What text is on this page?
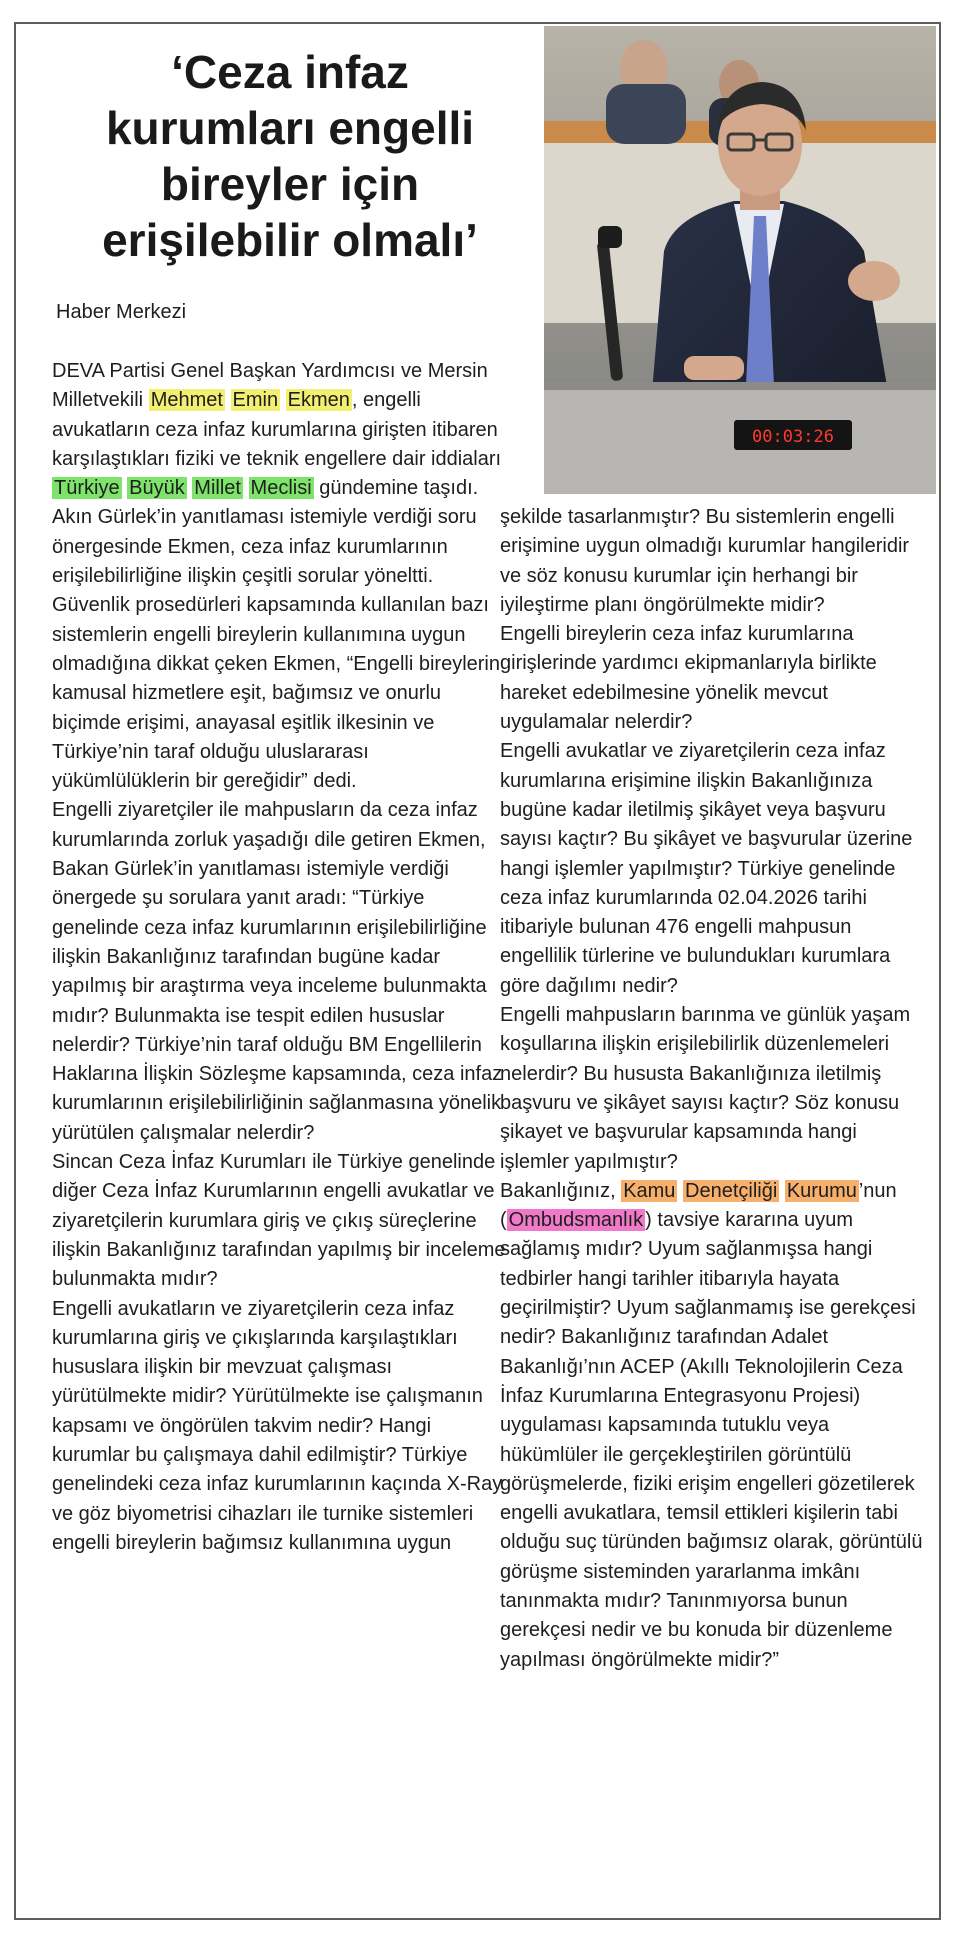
‘Ceza infaz kurumları engelli bireyler için erişilebilir olmalı’
Haber Merkezi
00:03:26

DEVA Partisi Genel Başkan Yardımcısı ve Mersin Milletvekili Mehmet Emin Ekmen , engelli avukatların ceza infaz kurumlarına girişten itibaren karşılaştıkları fiziki ve teknik engellere dair iddiaları Türkiye Büyük Millet Meclisi gündemine taşıdı. Akın Gürlek’in yanıtlaması istemiyle verdiği soru önergesinde Ekmen, ceza infaz kurumlarının erişilebilirliğine ilişkin çeşitli sorular yöneltti. Güvenlik prosedürleri kapsamında kullanılan bazı sistemlerin engelli bireylerin kullanımına uygun olmadığına dikkat çeken Ekmen, “Engelli bireylerin kamusal hizmetlere eşit, bağımsız ve onurlu biçimde erişimi, anayasal eşitlik ilkesinin ve Türkiye’nin taraf olduğu uluslararası yükümlülüklerin bir gereğidir” dedi.

Engelli ziyaretçiler ile mahpusların da ceza infaz kurumlarında zorluk yaşadığı dile getiren Ekmen, Bakan Gürlek’in yanıtlaması istemiyle verdiği önergede şu sorulara yanıt aradı: “Türkiye genelinde ceza infaz kurumlarının erişilebilirliğine ilişkin Bakanlığınız tarafından bugüne kadar yapılmış bir araştırma veya inceleme bulunmakta mıdır? Bulunmakta ise tespit edilen hususlar nelerdir? Türkiye’nin taraf olduğu BM Engellilerin Haklarına İlişkin Sözleşme kapsamında, ceza infaz kurumlarının erişilebilirliğinin sağlanmasına yönelik yürütülen çalışmalar nelerdir?

Sincan Ceza İnfaz Kurumları ile Türkiye genelinde diğer Ceza İnfaz Kurumlarının engelli avukatlar ve ziyaretçilerin kurumlara giriş ve çıkış süreçlerine ilişkin Bakanlığınız tarafından yapılmış bir inceleme bulunmakta mıdır?

Engelli avukatların ve ziyaretçilerin ceza infaz kurumlarına giriş ve çıkışlarında karşılaştıkları hususlara ilişkin bir mevzuat çalışması yürütülmekte midir? Yürütülmekte ise çalışmanın kapsamı ve öngörülen takvim nedir? Hangi kurumlar bu çalışmaya dahil edilmiştir? Türkiye genelindeki ceza infaz kurumlarının kaçında X-Ray ve göz biyometrisi cihazları ile turnike sistemleri engelli bireylerin bağımsız kullanımına uygun

şekilde tasarlanmıştır? Bu sistemlerin engelli erişimine uygun olmadığı kurumlar hangileridir ve söz konusu kurumlar için herhangi bir iyileştirme planı öngörülmekte midir?

Engelli bireylerin ceza infaz kurumlarına girişlerinde yardımcı ekipmanlarıyla birlikte hareket edebilmesine yönelik mevcut uygulamalar nelerdir?

Engelli avukatlar ve ziyaretçilerin ceza infaz kurumlarına erişimine ilişkin Bakanlığınıza bugüne kadar iletilmiş şikâyet veya başvuru sayısı kaçtır? Bu şikâyet ve başvurular üzerine hangi işlemler yapılmıştır? Türkiye genelinde ceza infaz kurumlarında 02.04.2026 tarihi itibariyle bulunan 476 engelli mahpusun engellilik türlerine ve bulundukları kurumlara göre dağılımı nedir?

Engelli mahpusların barınma ve günlük yaşam koşullarına ilişkin erişilebilirlik düzenlemeleri nelerdir? Bu hususta Bakanlığınıza iletilmiş başvuru ve şikâyet sayısı kaçtır? Söz konusu şikayet ve başvurular kapsamında hangi işlemler yapılmıştır?

Bakanlığınız, Kamu Denetçiliği Kurumu ’nun ( Ombudsmanlık ) tavsiye kararına uyum sağlamış mıdır? Uyum sağlanmışsa hangi tedbirler hangi tarihler itibarıyla hayata geçirilmiştir? Uyum sağlanmamış ise gerekçesi nedir? Bakanlığınız tarafından Adalet Bakanlığı’nın ACEP (Akıllı Teknolojilerin Ceza İnfaz Kurumlarına Entegrasyonu Projesi) uygulaması kapsamında tutuklu veya hükümlüler ile gerçekleştirilen görüntülü görüşmelerde, fiziki erişim engelleri gözetilerek engelli avukatlara, temsil ettikleri kişilerin tabi olduğu suç türünden bağımsız olarak, görüntülü görüşme sisteminden yararlanma imkânı tanınmakta mıdır? Tanınmıyorsa bunun gerekçesi nedir ve bu konuda bir düzenleme yapılması öngörülmekte midir?”
